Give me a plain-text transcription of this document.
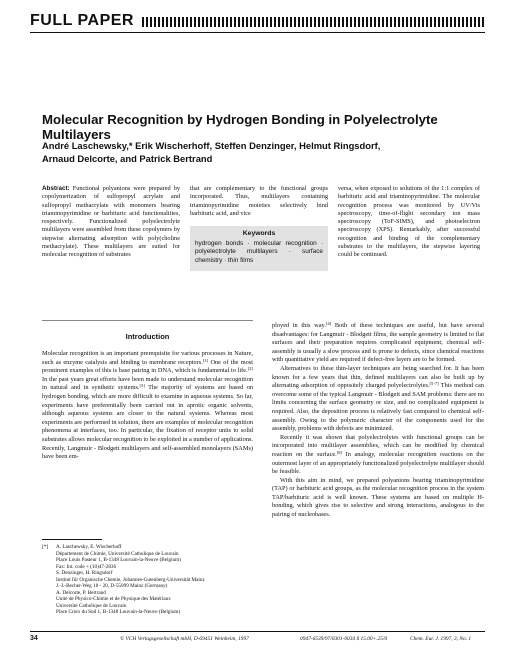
FULL PAPER
Molecular Recognition by Hydrogen Bonding in Polyelectrolyte Multilayers
André Laschewsky,* Erik Wischerhoff, Steffen Denzinger, Helmut Ringsdorf,
Arnaud Delcorte, and Patrick Bertrand
Abstract: Functional polyanions were prepared by copolymerization of sulfopropyl acrylate and sulfopropyl methacrylate with monomers bearing triaminopyrimidine or barbituric acid functionalities, respectively. Functionalized polyelectrolyte multilayers were assembled from these copolymers by stepwise alternating adsorption with poly(choline methacrylate). These multilayers are suited for molecular recognition of substrates
that are complementary to the functional groups incorporated. Thus, multilayers containing triaminopyrimidine moieties selectively bind barbituric acid, and vice
Keywords
hydrogen bonds · molecular recognition · polyelectrolyte multilayers · surface chemistry · thin films
versa, when exposed to solutions of the 1:1 complex of barbituric acid and triaminopyrimidine. The molecular recognition process was monitored by UV/Vis spectroscopy, time-of-flight secondary ion mass spectroscopy (ToF-SIMS), and photoelectron spectroscopy (XPS). Remarkably, after successful recognition and binding of the complementary substrates to the multilayers, the stepwise layering could be continued.
Introduction

Molecular recognition is an important prerequisite for various processes in Nature, such as enzyme catalysis and binding to membrane receptors.[1] One of the most prominent examples of this is base pairing in DNA, which is fundamental to life.[2] In the past years great efforts have been made to understand molecular recognition in natural and in synthetic systems.[3] The majority of systems are based on hydrogen bonding, which are more difficult to examine in aqueous systems. So far, experiments have preferentially been carried out in aprotic organic solvents, although aqueous systems are closer to the natural systems. Whereas most experiments are performed in solution, there are examples of molecular recognition phenomena at interfaces, too. In particular, the fixation of receptor units to solid substrates allows molecular recognition to be exploited in a number of applications. Recently, Langmuir - Blodgett multilayers and self-assembled monolayers (SAMs) have been em-

ployed in this way.[4] Both of these techniques are useful, but have several disadvantages: for Langmuir - Blodgett films, the sample geometry is limited to flat surfaces and their preparation requires complicated equipment; chemical self-assembly is usually a slow process and is prone to defects, since chemical reactions with quantitative yield are required if defect-free layers are to be formed.

Alternatives to these thin-layer techniques are being searched for. It has been known for a few years that thin, defined multilayers can also be built up by alternating adsorption of oppositely charged polyelectrolytes.[5-7] This method can overcome some of the typical Langmuir - Blodgett and SAM problems: there are no limits concerning the surface geometry or size, and no complicated equipment is required. Also, the deposition process is relatively fast compared to chemical self-assembly. Owing to the polymeric character of the components used for the assembly, problems with defects are minimized.

Recently it was shown that polyelectrolytes with functional groups can be incorporated into multilayer assemblies, which can be modified by chemical reaction on the surface.[8] In analogy, molecular recognition reactions on the outermost layer of an appropriately functionalized polyelectrolyte multilayer should be feasible.

With this aim in mind, we prepared polyanions bearing triaminopyrimidine (TAP) or barbituric acid groups, as the molecular recognition process in the system TAP/barbituric acid is well known. These systems are based on multiple H-bonding, which gives rise to selective and strong interactions, analogous to the pairing of nucleobases.

[*]	A. Laschewsky, E. Wischerhoff
Département de Chimie, Université Catholique de Louvain
Place Louis Pasteur 1, B-1348 Louvain-la-Neuve (Belgium)
Fax: Int. code + (10)47-2836
S. Denzinger, H. Ringsdorf
Institut für Organische Chemie, Johannes-Gutenberg-Universität Mainz
J.-J.-Becher-Weg 18 - 20, D-55099 Mainz (Germany)
A. Delcorte, P. Bertrand
Unité de Physico-Chimie et de Physique des Matériaux
Université Catholique de Louvain
Place Croix du Sud 1, B-1348 Louvain-la-Neuve (Belgium)
34	© VCH Verlagsgesellschaft mbH, D-69451 Weinheim, 1997	0947-6539/97/0301-0034 $ 15.00+.25/0	Chem. Eur. J. 1997, 3, No. 1
